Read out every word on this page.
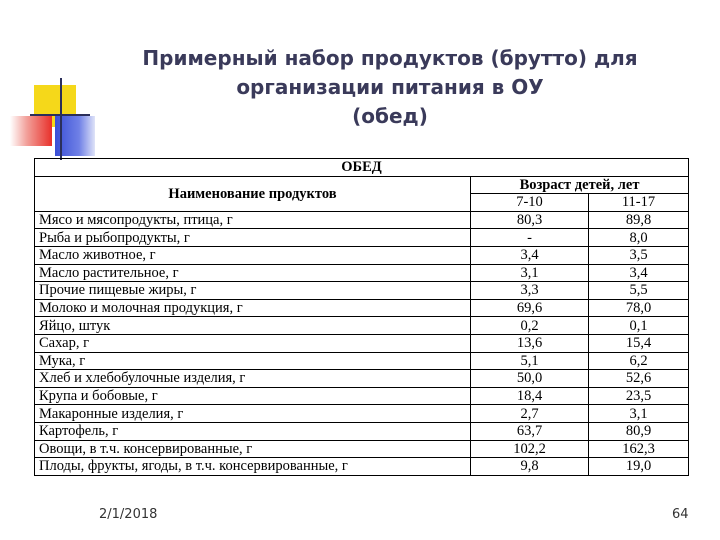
Примерный набор продуктов (брутто) для
организации питания в ОУ
(обед)
ОБЕД		
Наименование продуктов	Возраст детей, лет	
	7-10	11-17
Мясо и мясопродукты, птица, г	80,3	89,8
Рыба и рыбопродукты, г	-	8,0
Масло животное, г	3,4	3,5
Масло растительное, г	3,1	3,4
Прочие пищевые жиры, г	3,3	5,5
Молоко и молочная продукция, г	69,6	78,0
Яйцо, штук	0,2	0,1
Сахар, г	13,6	15,4
Мука, г	5,1	6,2
Хлеб и хлебобулочные изделия, г	50,0	52,6
Крупа и бобовые, г	18,4	23,5
Макаронные изделия, г	2,7	3,1
Картофель, г	63,7	80,9
Овощи, в т.ч. консервированные, г	102,2	162,3
Плоды, фрукты, ягоды, в т.ч. консервированные, г	9,8	19,0
2/1/2018	64
